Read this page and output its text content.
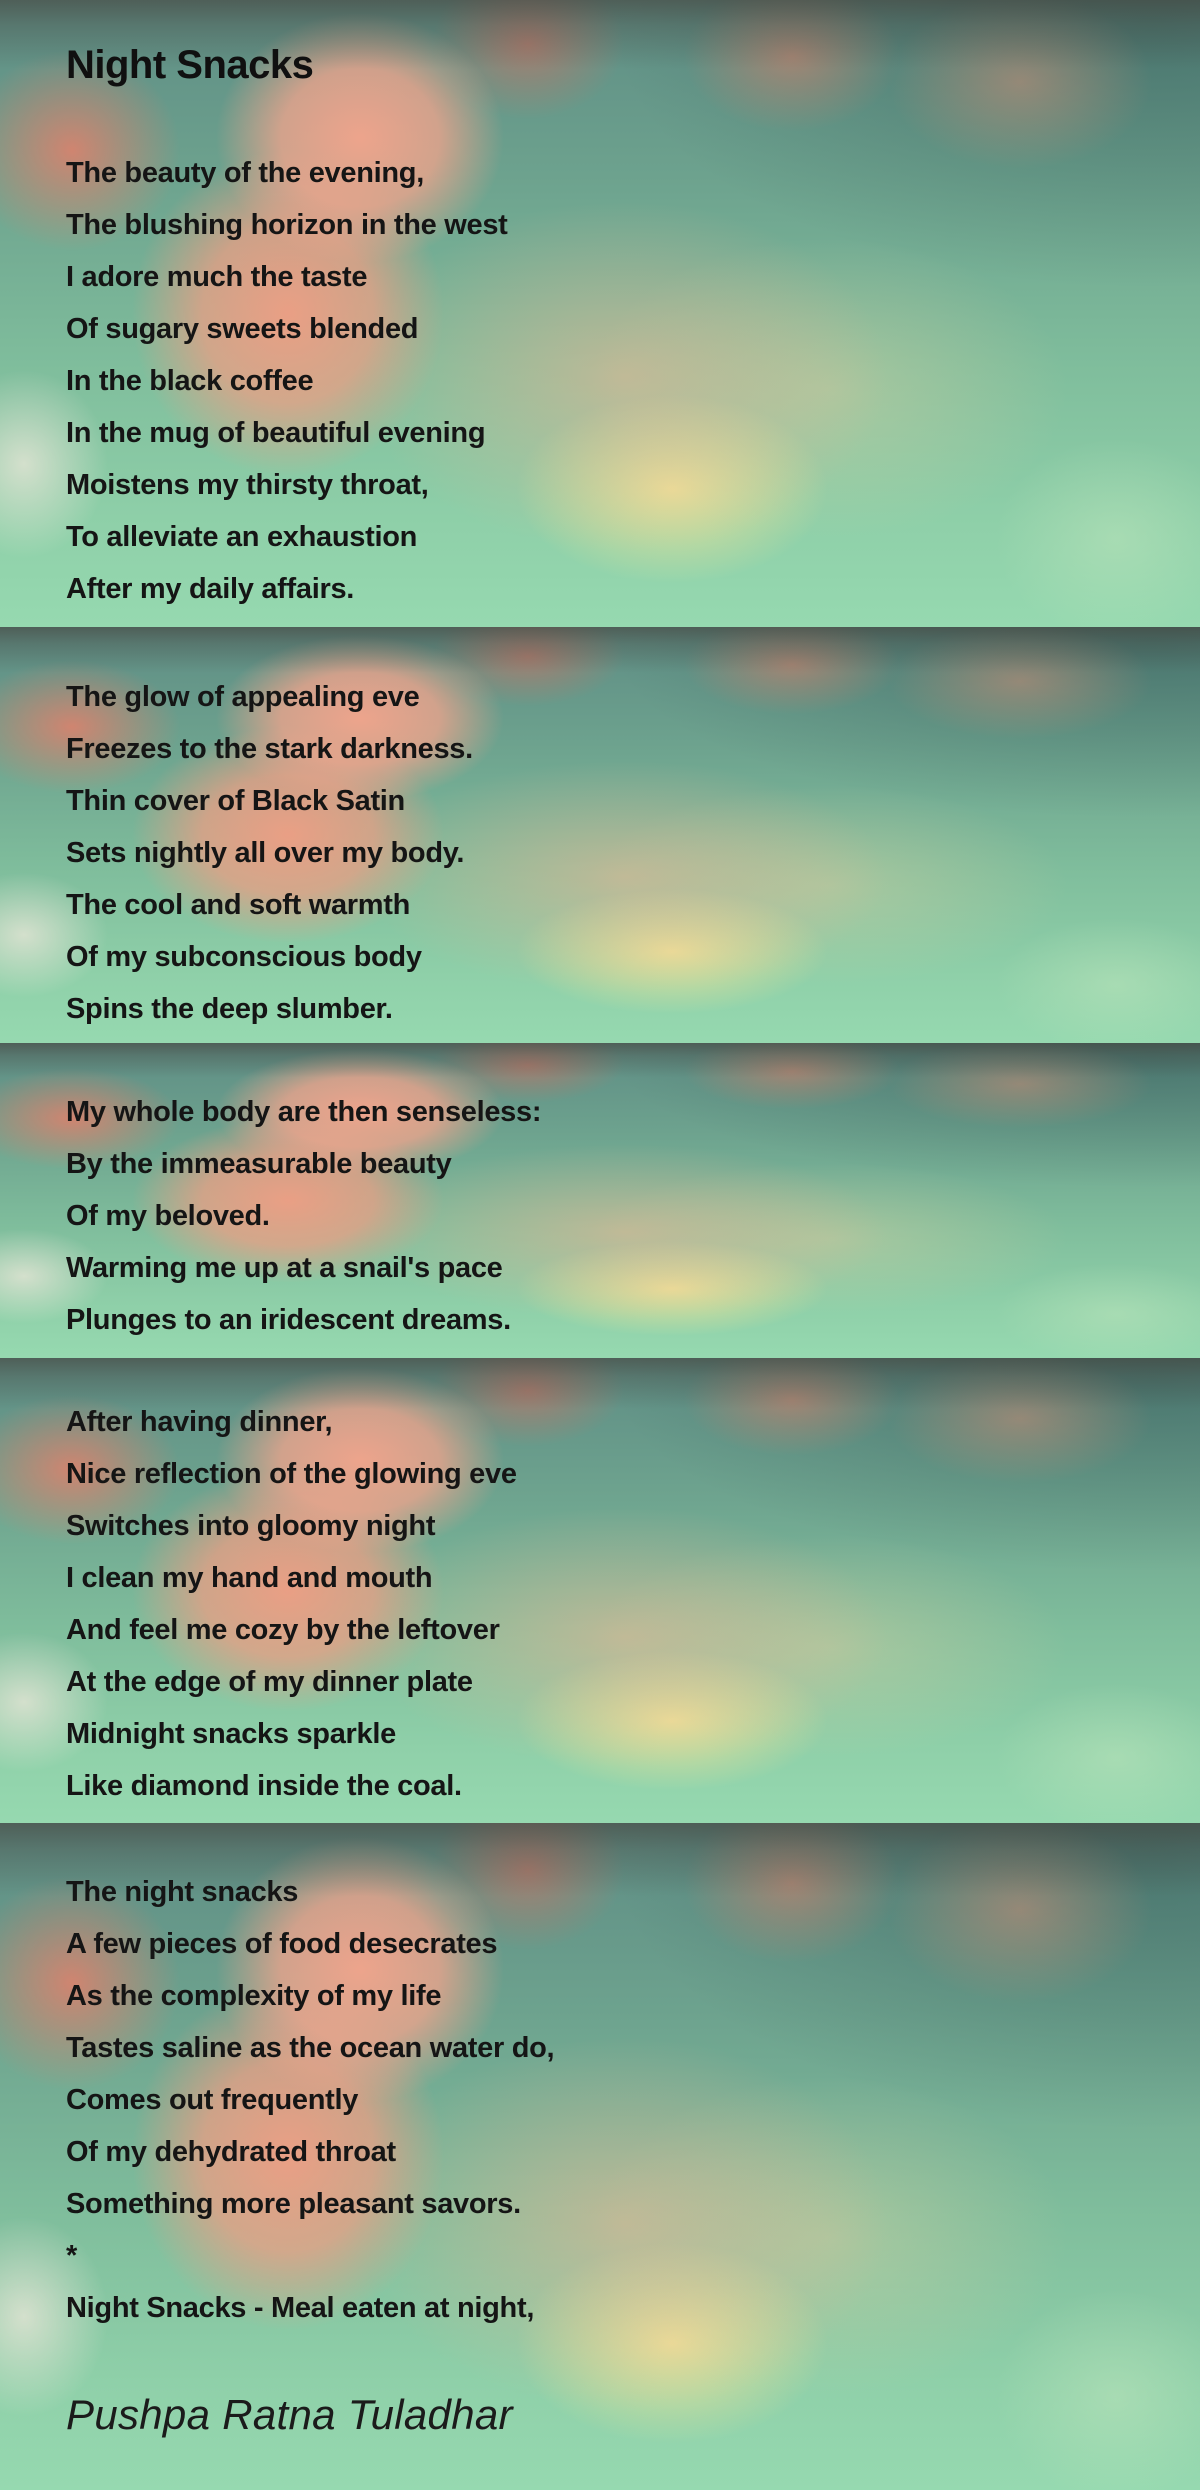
Night Snacks

The beauty of the evening,

The blushing horizon in the west

I adore much the taste

Of sugary sweets blended

In the black coffee

In the mug of beautiful evening

Moistens my thirsty throat,

To alleviate an exhaustion

After my daily affairs.

The glow of appealing eve

Freezes to the stark darkness.

Thin cover of Black Satin

Sets nightly all over my body.

The cool and soft warmth

Of my subconscious body

Spins the deep slumber.

My whole body are then senseless:

By the immeasurable beauty

Of my beloved.

Warming me up at a snail's pace

Plunges to an iridescent dreams.

After having dinner,

Nice reflection of the glowing eve

Switches into gloomy night

I clean my hand and mouth

And feel me cozy by the leftover

At the edge of my dinner plate

Midnight snacks sparkle

Like diamond inside the coal.

The night snacks

A few pieces of food desecrates

As the complexity of my life

Tastes saline as the ocean water do,

Comes out frequently

Of my dehydrated throat

Something more pleasant savors.

*

Night Snacks - Meal eaten at night,

Pushpa Ratna Tuladhar
